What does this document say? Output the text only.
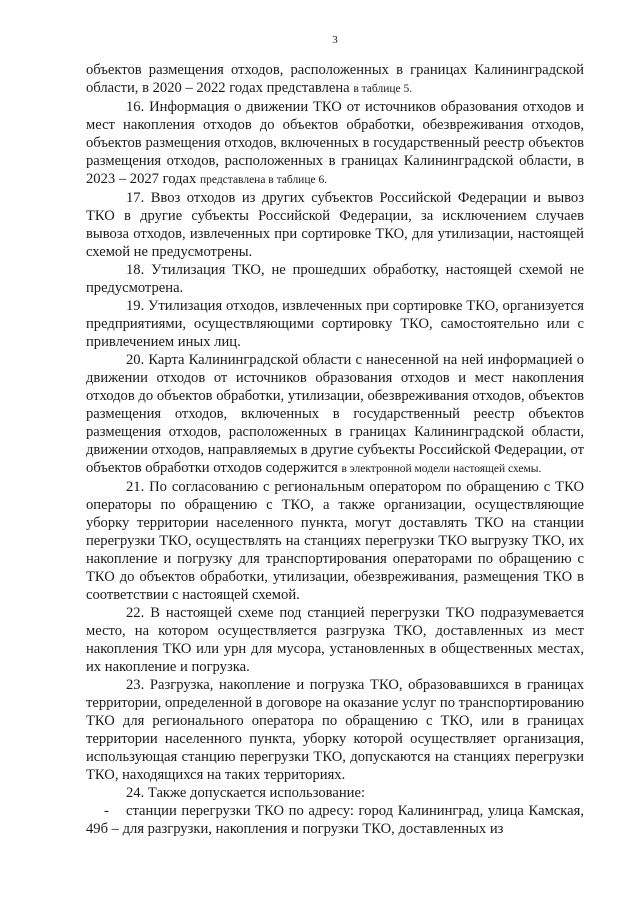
3

объектов размещения отходов, расположенных в границах Калининградской области, в 2020 – 2022 годах представлена в таблице 5.

16. Информация о движении ТКО от источников образования отходов и мест накопления отходов до объектов обработки, обезвреживания отходов, объектов размещения отходов, включенных в государственный реестр объектов размещения отходов, расположенных в границах Калининградской области, в 2023 – 2027 годах представлена в таблице 6.

17. Ввоз отходов из других субъектов Российской Федерации и вывоз ТКО в другие субъекты Российской Федерации, за исключением случаев вывоза отходов, извлеченных при сортировке ТКО, для утилизации, настоящей схемой не предусмотрены.

18. Утилизация ТКО, не прошедших обработку, настоящей схемой не предусмотрена.

19. Утилизация отходов, извлеченных при сортировке ТКО, организуется предприятиями, осуществляющими сортировку ТКО, самостоятельно или с привлечением иных лиц.

20. Карта Калининградской области с нанесенной на ней информацией о движении отходов от источников образования отходов и мест накопления отходов до объектов обработки, утилизации, обезвреживания отходов, объектов размещения отходов, включенных в государственный реестр объектов размещения отходов, расположенных в границах Калининградской области, движении отходов, направляемых в другие субъекты Российской Федерации, от объектов обработки отходов содержится в электронной модели настоящей схемы.

21. По согласованию с региональным оператором по обращению с ТКО операторы по обращению с ТКО, а также организации, осуществляющие уборку территории населенного пункта, могут доставлять ТКО на станции перегрузки ТКО, осуществлять на станциях перегрузки ТКО выгрузку ТКО, их накопление и погрузку для транспортирования операторами по обращению с ТКО до объектов обработки, утилизации, обезвреживания, размещения ТКО в соответствии с настоящей схемой.

22. В настоящей схеме под станцией перегрузки ТКО подразумевается место, на котором осуществляется разгрузка ТКО, доставленных из мест накопления ТКО или урн для мусора, установленных в общественных местах, их накопление и погрузка.

23. Разгрузка, накопление и погрузка ТКО, образовавшихся в границах территории, определенной в договоре на оказание услуг по транспортированию ТКО для регионального оператора по обращению с ТКО, или в границах территории населенного пункта, уборку которой осуществляет организация, использующая станцию перегрузки ТКО, допускаются на станциях перегрузки ТКО, находящихся на таких территориях.

24. Также допускается использование:

- станции перегрузки ТКО по адресу: город Калининград, улица Камская, 49б – для разгрузки, накопления и погрузки ТКО, доставленных из
